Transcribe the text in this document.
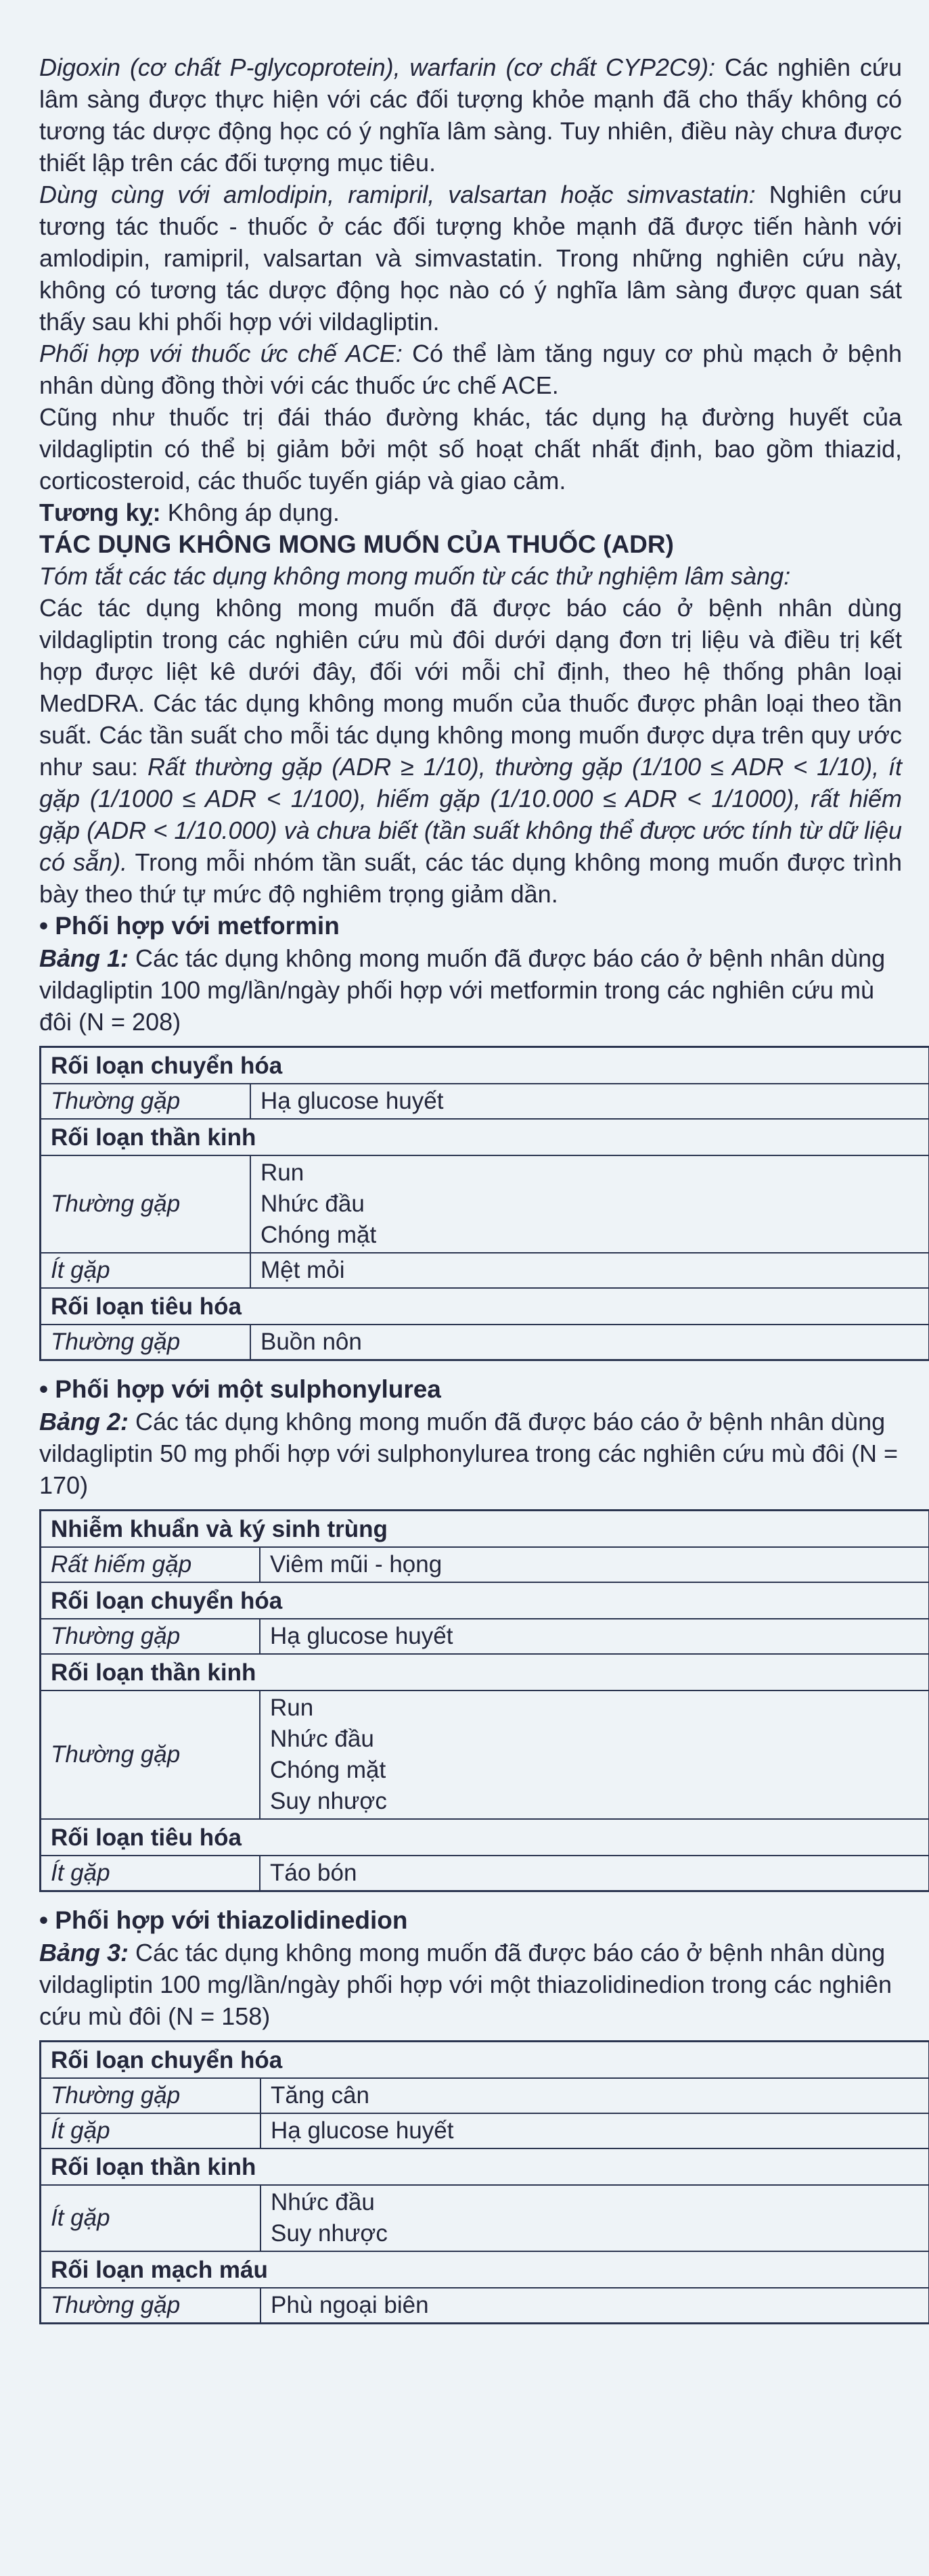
Digoxin (cơ chất P-glycoprotein), warfarin (cơ chất CYP2C9): Các nghiên cứu lâm sàng được thực hiện với các đối tượng khỏe mạnh đã cho thấy không có tương tác dược động học có ý nghĩa lâm sàng. Tuy nhiên, điều này chưa được thiết lập trên các đối tượng mục tiêu.

Dùng cùng với amlodipin, ramipril, valsartan hoặc simvastatin: Nghiên cứu tương tác thuốc - thuốc ở các đối tượng khỏe mạnh đã được tiến hành với amlodipin, ramipril, valsartan và simvastatin. Trong những nghiên cứu này, không có tương tác dược động học nào có ý nghĩa lâm sàng được quan sát thấy sau khi phối hợp với vildagliptin.

Phối hợp với thuốc ức chế ACE: Có thể làm tăng nguy cơ phù mạch ở bệnh nhân dùng đồng thời với các thuốc ức chế ACE.

Cũng như thuốc trị đái tháo đường khác, tác dụng hạ đường huyết của vildagliptin có thể bị giảm bởi một số hoạt chất nhất định, bao gồm thiazid, corticosteroid, các thuốc tuyến giáp và giao cảm.

Tương kỵ: Không áp dụng.

TÁC DỤNG KHÔNG MONG MUỐN CỦA THUỐC (ADR)

Tóm tắt các tác dụng không mong muốn từ các thử nghiệm lâm sàng:

Các tác dụng không mong muốn đã được báo cáo ở bệnh nhân dùng vildagliptin trong các nghiên cứu mù đôi dưới dạng đơn trị liệu và điều trị kết hợp được liệt kê dưới đây, đối với mỗi chỉ định, theo hệ thống phân loại MedDRA. Các tác dụng không mong muốn của thuốc được phân loại theo tần suất. Các tần suất cho mỗi tác dụng không mong muốn được dựa trên quy ước như sau: Rất thường gặp (ADR ≥ 1/10), thường gặp (1/100 ≤ ADR < 1/10), ít gặp (1/1000 ≤ ADR < 1/100), hiếm gặp (1/10.000 ≤ ADR < 1/1000), rất hiếm gặp (ADR < 1/10.000) và chưa biết (tần suất không thể được ước tính từ dữ liệu có sẵn). Trong mỗi nhóm tần suất, các tác dụng không mong muốn được trình bày theo thứ tự mức độ nghiêm trọng giảm dần.

• Phối hợp với metformin

Bảng 1: Các tác dụng không mong muốn đã được báo cáo ở bệnh nhân dùng vildagliptin 100 mg/lần/ngày phối hợp với metformin trong các nghiên cứu mù đôi (N = 208)

Rối loạn chuyển hóa	
Thường gặp	Hạ glucose huyết

Rối loạn thần kinh	
Thường gặp	Run
Nhức đầu
Chóng mặt

Ít gặp	Mệt mỏi

Rối loạn tiêu hóa	
Thường gặp	Buồn nôn

• Phối hợp với một sulphonylurea

Bảng 2: Các tác dụng không mong muốn đã được báo cáo ở bệnh nhân dùng vildagliptin 50 mg phối hợp với sulphonylurea trong các nghiên cứu mù đôi (N = 170)

Nhiễm khuẩn và ký sinh trùng	
Rất hiếm gặp	Viêm mũi - họng

Rối loạn chuyển hóa	
Thường gặp	Hạ glucose huyết

Rối loạn thần kinh	
Thường gặp	Run
Nhức đầu
Chóng mặt
Suy nhược

Rối loạn tiêu hóa	
Ít gặp	Táo bón

• Phối hợp với thiazolidinedion

Bảng 3: Các tác dụng không mong muốn đã được báo cáo ở bệnh nhân dùng vildagliptin 100 mg/lần/ngày phối hợp với một thiazolidinedion trong các nghiên cứu mù đôi (N = 158)

Rối loạn chuyển hóa	
Thường gặp	Tăng cân

Ít gặp	Hạ glucose huyết

Rối loạn thần kinh	
Ít gặp	Nhức đầu
Suy nhược

Rối loạn mạch máu	
Thường gặp	Phù ngoại biên
